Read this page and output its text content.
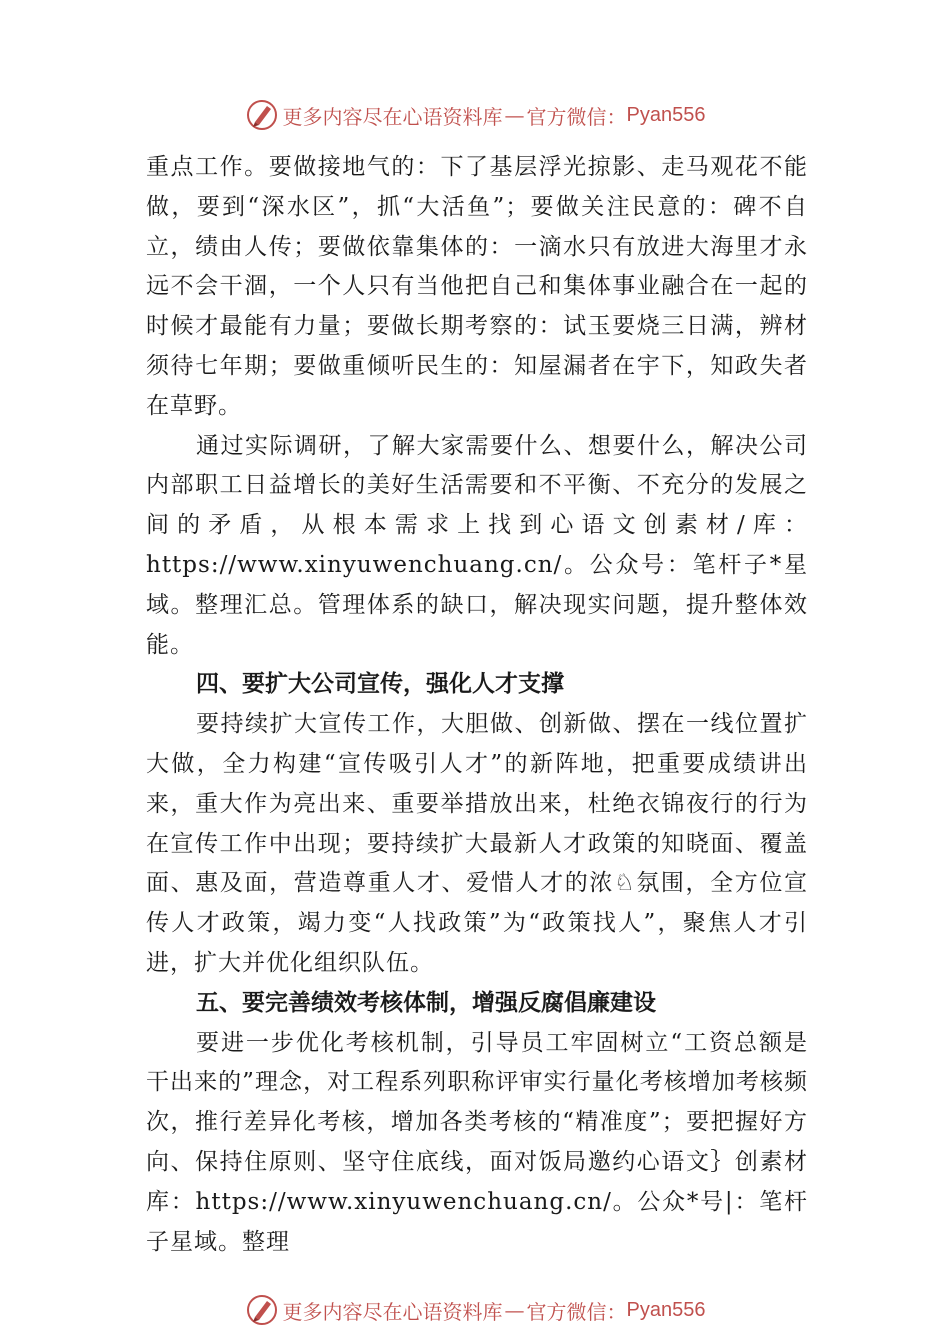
更多内容尽在心语资料库 — 官方微信： Pyan556

重点工作。要做接地气的：下了基层浮光掠影、走马观花不能做，要到“深水区”，抓“大活鱼”；要做关注民意的：碑不自立，绩由人传；要做依靠集体的：一滴水只有放进大海里才永远不会干涸，一个人只有当他把自己和集体事业融合在一起的时候才最能有力量；要做长期考察的：试玉要烧三日满，辨材须待七年期；要做重倾听民生的：知屋漏者在宇下，知政失者在草野。

通过实际调研，了解大家需要什么、想要什么，解决公司内部职工日益增长的美好生活需要和不平衡、不充分的发展之间的矛盾，从根本需求上找到心语文创素材/库：https://www.xinyuwenchuang.cn/。公众号：笔杆子*星域。整理汇总。管理体系的缺口，解决现实问题，提升整体效能。

四、要扩大公司宣传，强化人才支撑

要持续扩大宣传工作，大胆做、创新做、摆在一线位置扩大做，全力构建“宣传吸引人才”的新阵地，把重要成绩讲出来，重大作为亮出来、重要举措放出来，杜绝衣锦夜行的行为在宣传工作中出现；要持续扩大最新人才政策的知晓面、覆盖面、惠及面，营造尊重人才、爱惜人才的浓♘氛围，全方位宣传人才政策，竭力变“人找政策”为“政策找人”，聚焦人才引进，扩大并优化组织队伍。

五、要完善绩效考核体制，增强反腐倡廉建设

要进一步优化考核机制，引导员工牢固树立“工资总额是干出来的”理念，对工程系列职称评审实行量化考核增加考核频次，推行差异化考核，增加各类考核的“精准度”；要把握好方向、保持住原则、坚守住底线，面对饭局邀约心语文｝创素材库：https://www.xinyuwenchuang.cn/。公众*号|：笔杆子星域。整理

更多内容尽在心语资料库 — 官方微信： Pyan556
